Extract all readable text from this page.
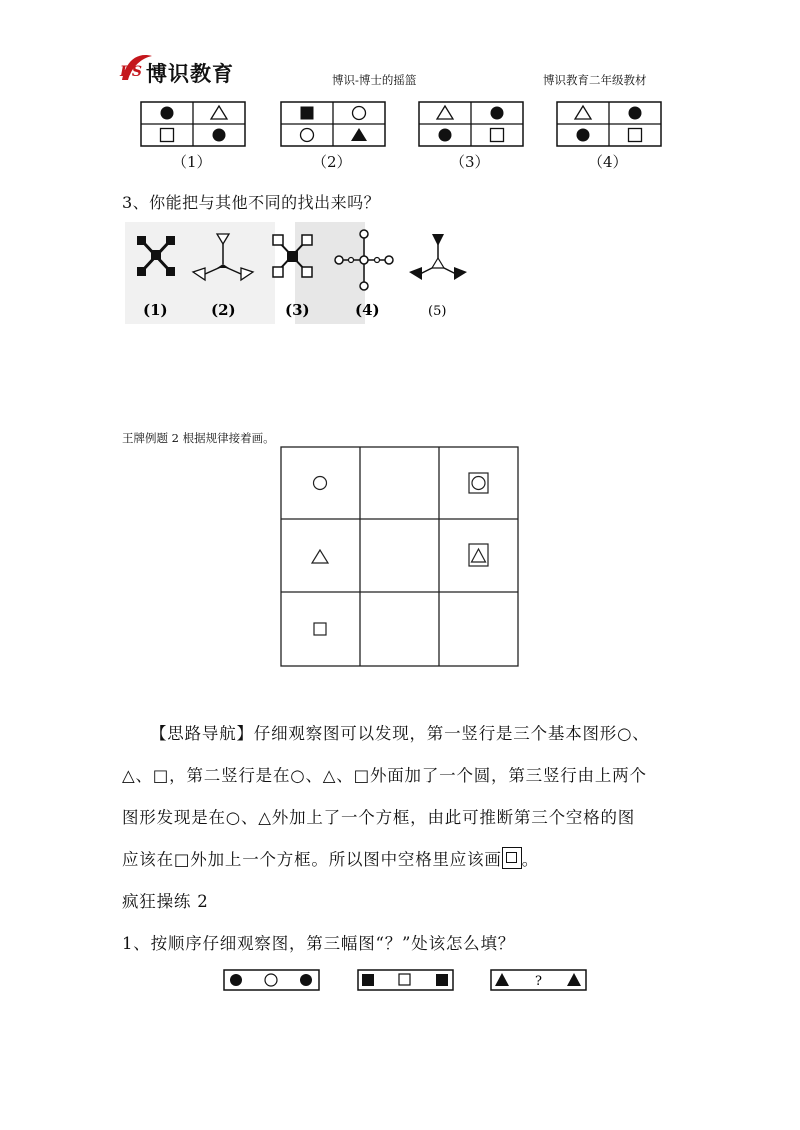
BS 博识教育	博识-博士的摇篮	博识教育二年级教材
（1）	（2）	（3）	（4）
3、你能把与其他不同的找出来吗？
(1)	(2)	(3)	(4)	(5)
王牌例题 2 根据规律接着画。
【思路导航】仔细观察图可以发现，第一竖行是三个基本图形○、
△、□，第二竖行是在○、△、□外面加了一个圆，第三竖行由上两个
图形发现是在○、△外加上了一个方框，由此可推断第三个空格的图
应该在□外加上一个方框。所以图中空格里应该画 。
疯狂操练 2
1、按顺序仔细观察图，第三幅图“？”处该怎么填？
?
